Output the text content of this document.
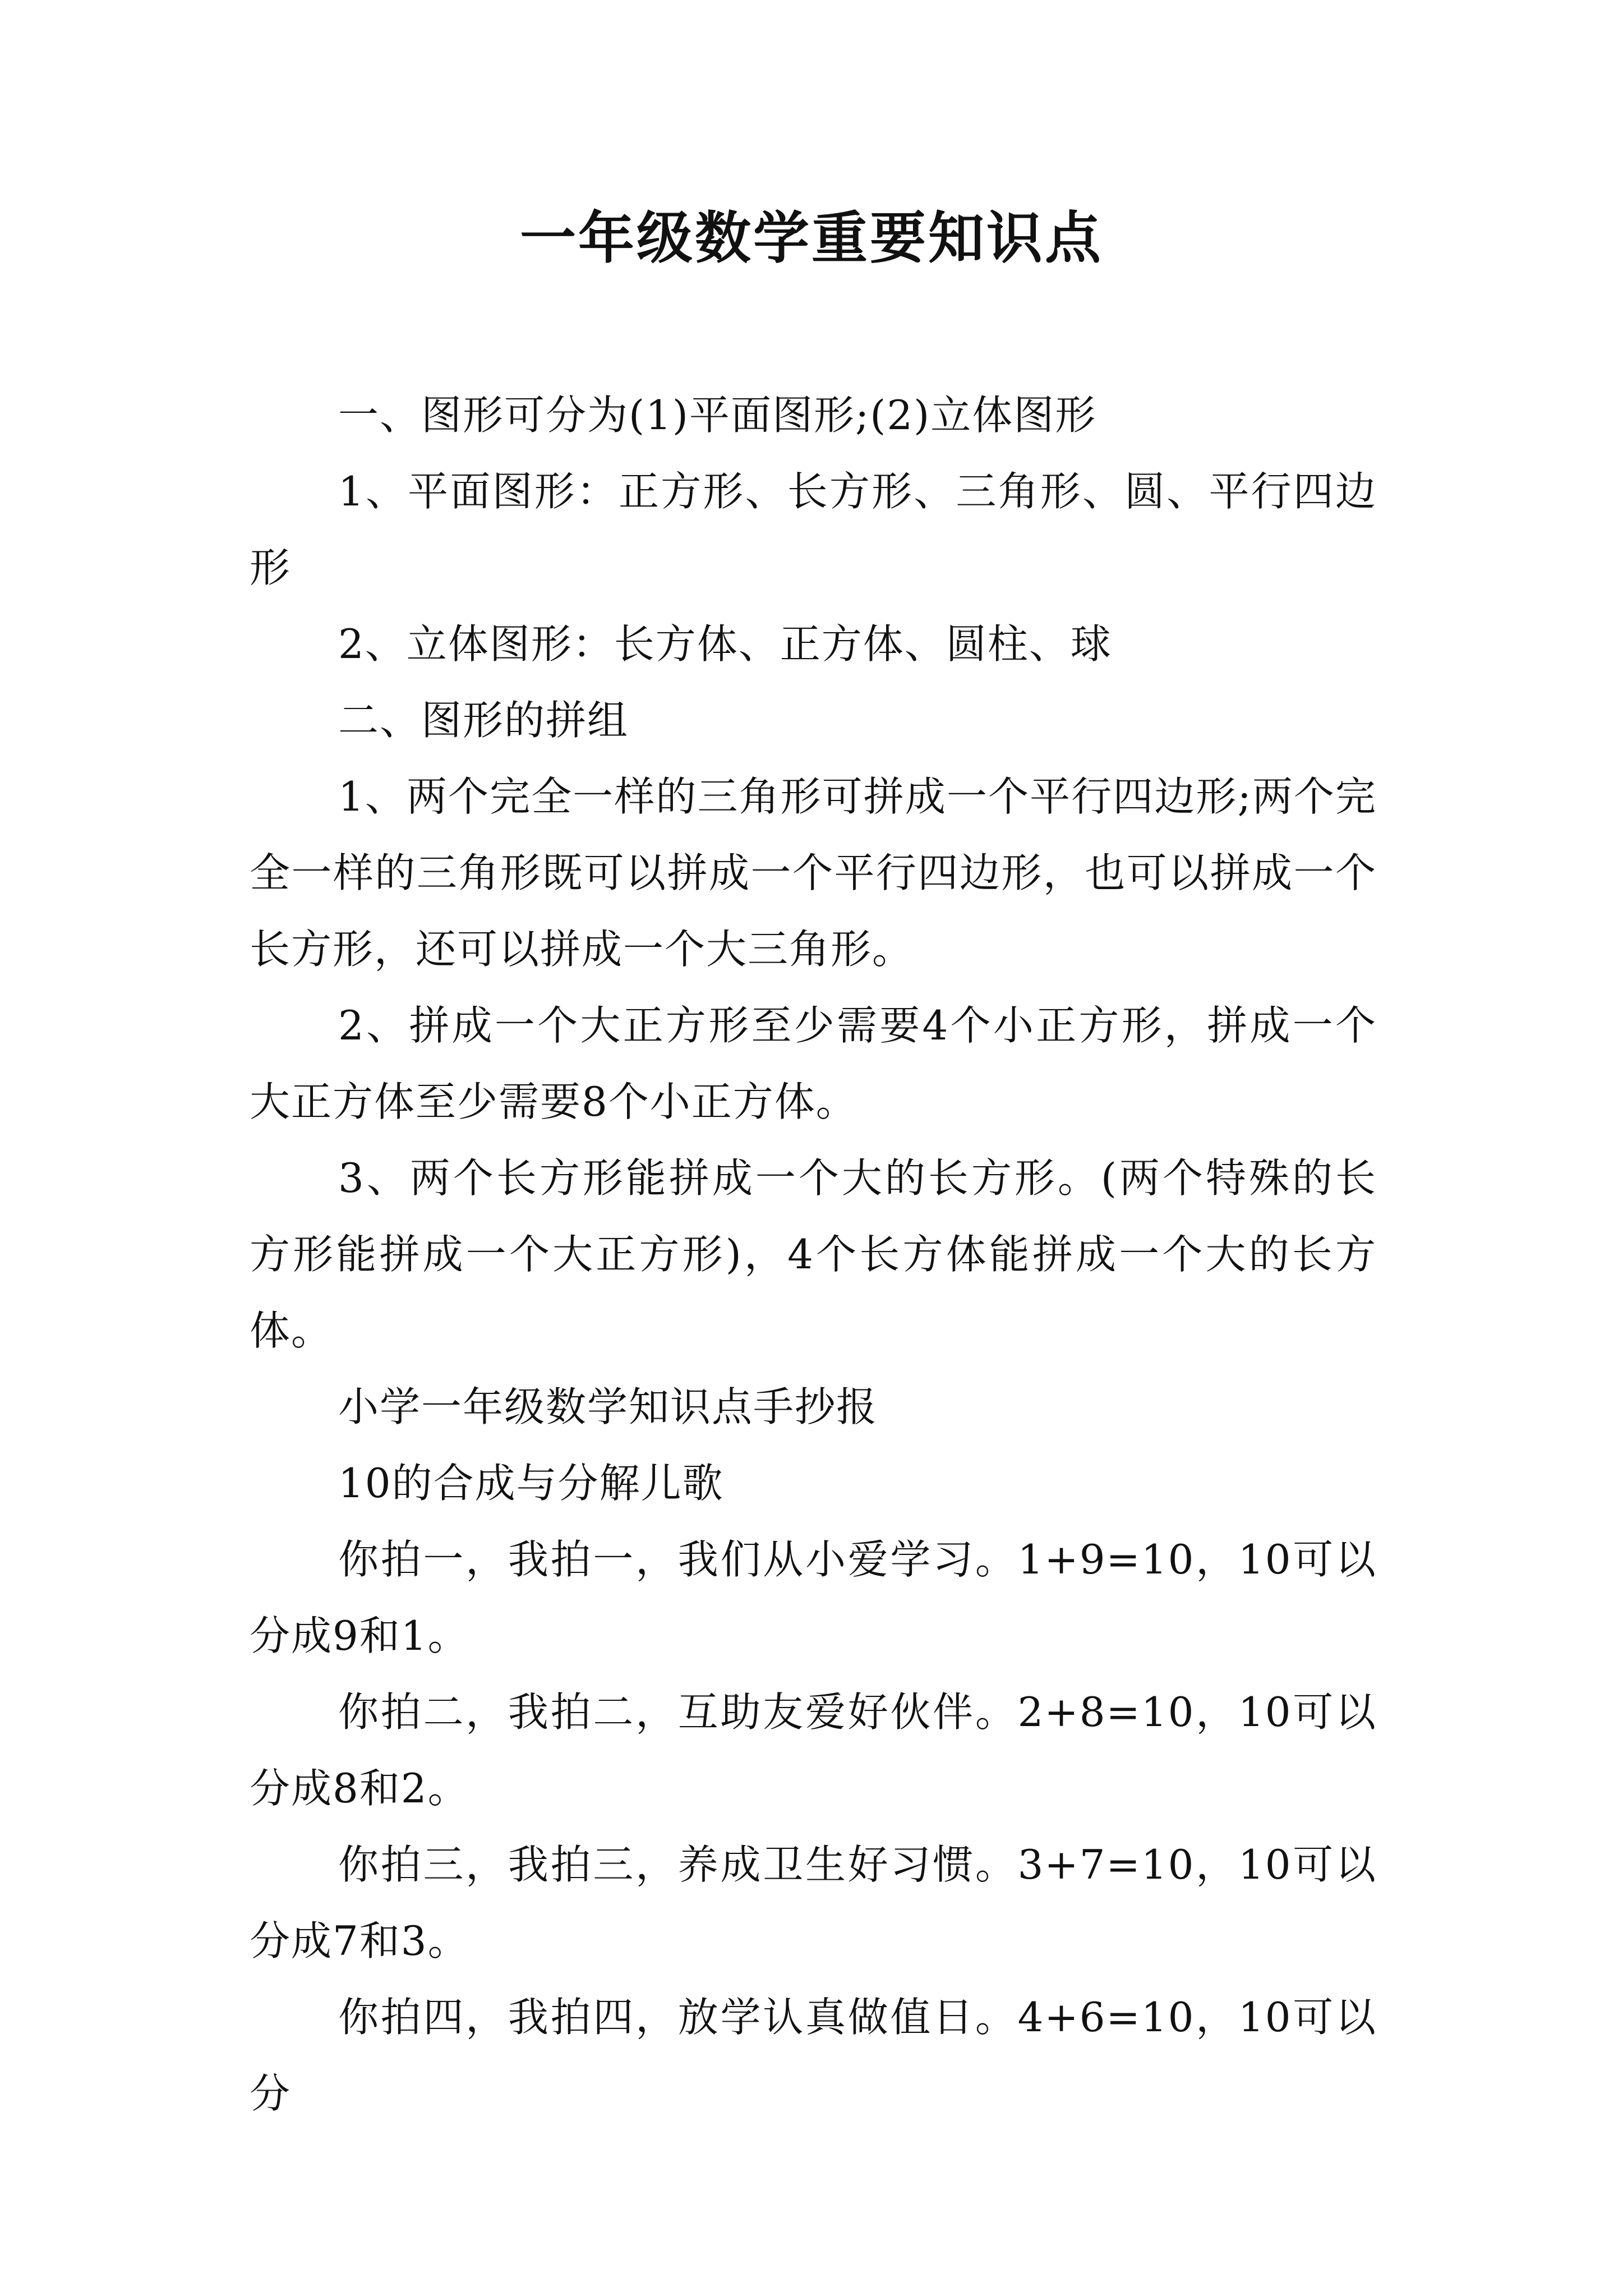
一年级数学重要知识点

一、图形可分为(1)平面图形;(2)立体图形

1、平面图形：正方形、长方形、三角形、圆、平行四边形

2、立体图形：长方体、正方体、圆柱、球

二、图形的拼组

1、两个完全一样的三角形可拼成一个平行四边形;两个完全一样的三角形既可以拼成一个平行四边形，也可以拼成一个长方形，还可以拼成一个大三角形。

2、拼成一个大正方形至少需要4个小正方形，拼成一个大正方体至少需要8个小正方体。

3、两个长方形能拼成一个大的长方形。(两个特殊的长方形能拼成一个大正方形)，4个长方体能拼成一个大的长方体。

小学一年级数学知识点手抄报

10的合成与分解儿歌

你拍一，我拍一，我们从小爱学习。1+9=10，10可以分成9和1。

你拍二，我拍二，互助友爱好伙伴。2+8=10，10可以分成8和2。

你拍三，我拍三，养成卫生好习惯。3+7=10，10可以分成7和3。

你拍四，我拍四，放学认真做值日。4+6=10，10可以分
